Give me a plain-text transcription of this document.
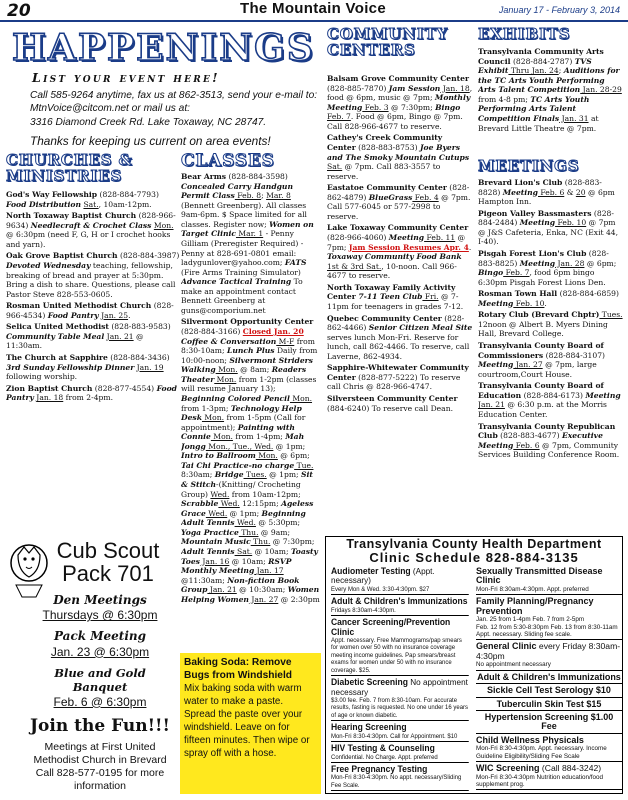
20	The Mountain Voice	January 17 - February 3, 2014
HAPPENINGS
List your event here!
Call 585-9264 anytime, fax us at 862-3513, send your e-mail to: MtnVoice@citcom.net or mail us at:
3316 Diamond Creek Rd. Lake Toxaway, NC 28747.
Thanks for keeping us current on area events!
CHURCHES & MINISTRIES

God's Way Fellowship (828-884-7793) Food Distribution Sat., 10am-12pm.

North Toxaway Baptist Church (828-966-9634) Needlecraft & Crochet Class Mon. @ 6:30pm (need F, G, H or I crochet hooks and yarn).

Oak Grove Baptist Church (828-884-3987) Devoted Wednesday teaching, fellowship, breaking of bread and prayer at 5:30pm. Bring a dish to share. Questions, please call Pastor Steve 828-553-0605.

Rosman United Methodist Church (828-966-4534) Food Pantry Jan. 25.

Selica United Methodist (828-883-9583) Community Table Meal Jan. 21 @ 11:30am.

The Church at Sapphire (828-884-3436) 3rd Sunday Fellowship Dinner Jan. 19 following worship.

Zion Baptist Church (828-877-4554) Food Pantry Jan. 18 from 2-4pm.

CLASSES

Bear Arms (828-884-3598) Concealed Carry Handgun Permit Class Feb. 8; Mar. 8 (Bennett Greenberg). All classes 9am-6pm. $ Space limited for all classes. Register now; Women on Target Clinic Mar. 1 - Penny Gilliam (Preregister Required) - Penny at 828-691-0801 email: ladygunlover@yahoo.com; FATS (Fire Arms Training Simulator) Advance Tactical Training To make an appointment contact Bennett Greenberg at guns@comporium.net

Silvermont Opportunity Center (828-884-3166) Closed Jan. 20 Coffee & Conversation M-F from 8:30-10am; Lunch Plus Daily from 10:00-noon; Silvermont Striders Walking Mon. @ 8am; Readers Theater Mon. from 1-2pm (classes will resume January 13); Beginning Colored Pencil Mon. from 1-3pm; Technology Help Desk Mon. from 1-5pm (Call for appointment); Painting with Connie Mon. from 1-4pm; Mah Jongg Mon., Tue., Wed. @ 1pm; Intro to Ballroom Mon. @ 6pm; Tai Chi Practice-no charge Tue. 8:30am; Bridge Tues. @ 1pm; Sit & Stitch-(Knitting/ Crocheting Group) Wed. from 10am-12pm; Scrabble Wed. 12:15pm; Ageless Grace Wed. @ 1pm; Beginning Adult Tennis Wed. @ 5:30pm; Yoga Practice Thu. @ 9am; Mountain Music Thu. @ 7:30pm; Adult Tennis Sat. @ 10am; Toasty Toes Jan. 16 @ 10am; RSVP Monthly Meeting Jan. 17 @11:30am; Non-fiction Book Group Jan. 21 @ 10:30am; Women Helping Women Jan. 27 @ 2:30pm

COMMUNITY CENTERS

Balsam Grove Community Center (828-885-7870) Jam Session Jan. 18, food @ 6pm, music @ 7pm; Monthly Meeting Feb. 3 @ 7:30pm; Bingo Feb. 7. Food @ 6pm, Bingo @ 7pm. Call 828-966-4677 to reserve.

Cathey's Creek Community Center (828-883-8753) Joe Byers and The Smoky Mountain Cutups Sat. @ 7pm. Call 883-3557 to reserve.

Eastatoe Community Center (828-862-4879) BlueGrass Feb. 4 @ 7pm. Call 577-6045 or 577-2998 to reserve.

Lake Toxaway Community Center (828-966-4060) Meeting Feb. 11 @ 7pm; Jam Session Resumes Apr. 4. Toxaway Community Food Bank 1st & 3rd Sat., 10-noon. Call 966-4677 to reserve.

North Toxaway Family Activity Center 7-11 Teen Club Fri. @ 7-11pm for teenagers in grades 7-12.

Quebec Community Center (828-862-4466) Senior Citizen Meal Site serves lunch Mon-Fri. Reserve for lunch, call 862-4466. To reserve, call Laverne, 862-4934.

Sapphire-Whitewater Community Center (828-877-5222) To reserve call Chris @ 828-966-4747.

Silversteen Community Center (884-6240) To reserve call Dean.

EXHIBITS

Transylvania Community Arts Council (828-884-2787) TVS Exhibit Thru Jan. 24; Auditions for the TC Arts Youth Performing Arts Talent Competition Jan. 28-29 from 4-8 pm; TC Arts Youth Performing Arts Talent Competition Finals Jan. 31 at Brevard Little Theatre @ 7pm.

MEETINGS

Brevard Lion's Club (828-883-8828) Meeting Feb. 6 & 20 @ 6pm Hampton Inn.

Pigeon Valley Bassmasters (828-884-2484) Meeting Feb. 10 @ 7pm @ J&S Cafeteria, Enka, NC (Exit 44, I-40).

Pisgah Forest Lion's Club (828-883-8825) Meeting Jan. 28 @ 6pm; Bingo Feb. 7, food 6pm bingo 6:30pm Pisgah Forest Lions Den.

Rosman Town Hall (828-884-6859) Meeting Feb. 10.

Rotary Club (Brevard Chptr) Tues. 12noon @ Albert B. Myers Dining Hall, Brevard College.

Transylvania County Board of Commissioners (828-884-3107) Meeting Jan. 27 @ 7pm, large courtroom,Court House.

Transylvania County Board of Education (828-884-6173) Meeting Jan. 21 @ 6:30 p.m. at the Morris Education Center.

Transylvania County Republican Club (828-883-4677) Executive Meeting Feb. 6 @ 7pm, Community Services Building Conference Room.

Cub Scout
Pack 701
Den Meetings
Thursdays @ 6:30pm
Pack Meeting
Jan. 23 @ 6:30pm
Blue and Gold Banquet
Feb. 6 @ 6:30pm
Join the Fun!!!
Meetings at First United Methodist Church in Brevard Call 828-577-0195 for more information
Baking Soda: Remove Bugs from Windshield
Mix baking soda with warm water to make a paste. Spread the paste over your windshield. Leave on for fifteen minutes. Then wipe or spray off with a hose.
Transylvania County Health Department
Clinic Schedule 828-884-3135
Audiometer Testing (Appt. necessary)
Every Mon & Wed. 3:30-4:30pm. $27
Adult & Children's Immunizations
Fridays 8:30am-4:30pm.
Cancer Screening/Prevention Clinic
Appt. necessary. Free Mammograms/pap smears for women over 50 with no insurance coverage meeting income guidelines. Pap smears/breast exams for women under 50 with no insurance coverage. $25.
Diabetic Screening No appointment necessary
$3.00 fee. Feb. 7 from 8:30-10am. For accurate results, fasting is requested. No one under 16 years of age or known diabetic.
Hearing Screening
Mon-Fri 8:30-4:30pm. Call for Appointment. $10
HIV Testing & Counseling
Confidential. No Charge. Appt. preferred
Free Pregnancy Testing
Mon-Fri 8:30-4:30pm. No appt. necessary/Sliding Fee Scale.
Sexually Transmitted Disease Clinic
Mon-Fri 8:30am-4:30pm. Appt. preferred
Family Planning/Pregnancy Prevention
Jan. 25 from 1-4pm Feb. 7 from 2-5pm
Feb. 12 from 5:30-8:30pm Feb. 13 from 8:30-11am
Appt. necessary. Sliding fee scale.
General Clinic every Friday 8:30am-4:30pm
No appointment necessary
Adult & Children's Immunizations
Sickle Cell Test Serology $10
Tuberculin Skin Test $15
Hypertension Screening $1.00 Fee
Child Wellness Physicals
Mon-Fri 8:30-4:30pm. Appt. necessary. Income Guideline Eligibility/Sliding Fee Scale
WIC Screening (Call 884-3242)
Mon-Fri 8:30-4:30pm Nutrition education/food supplement prog.
